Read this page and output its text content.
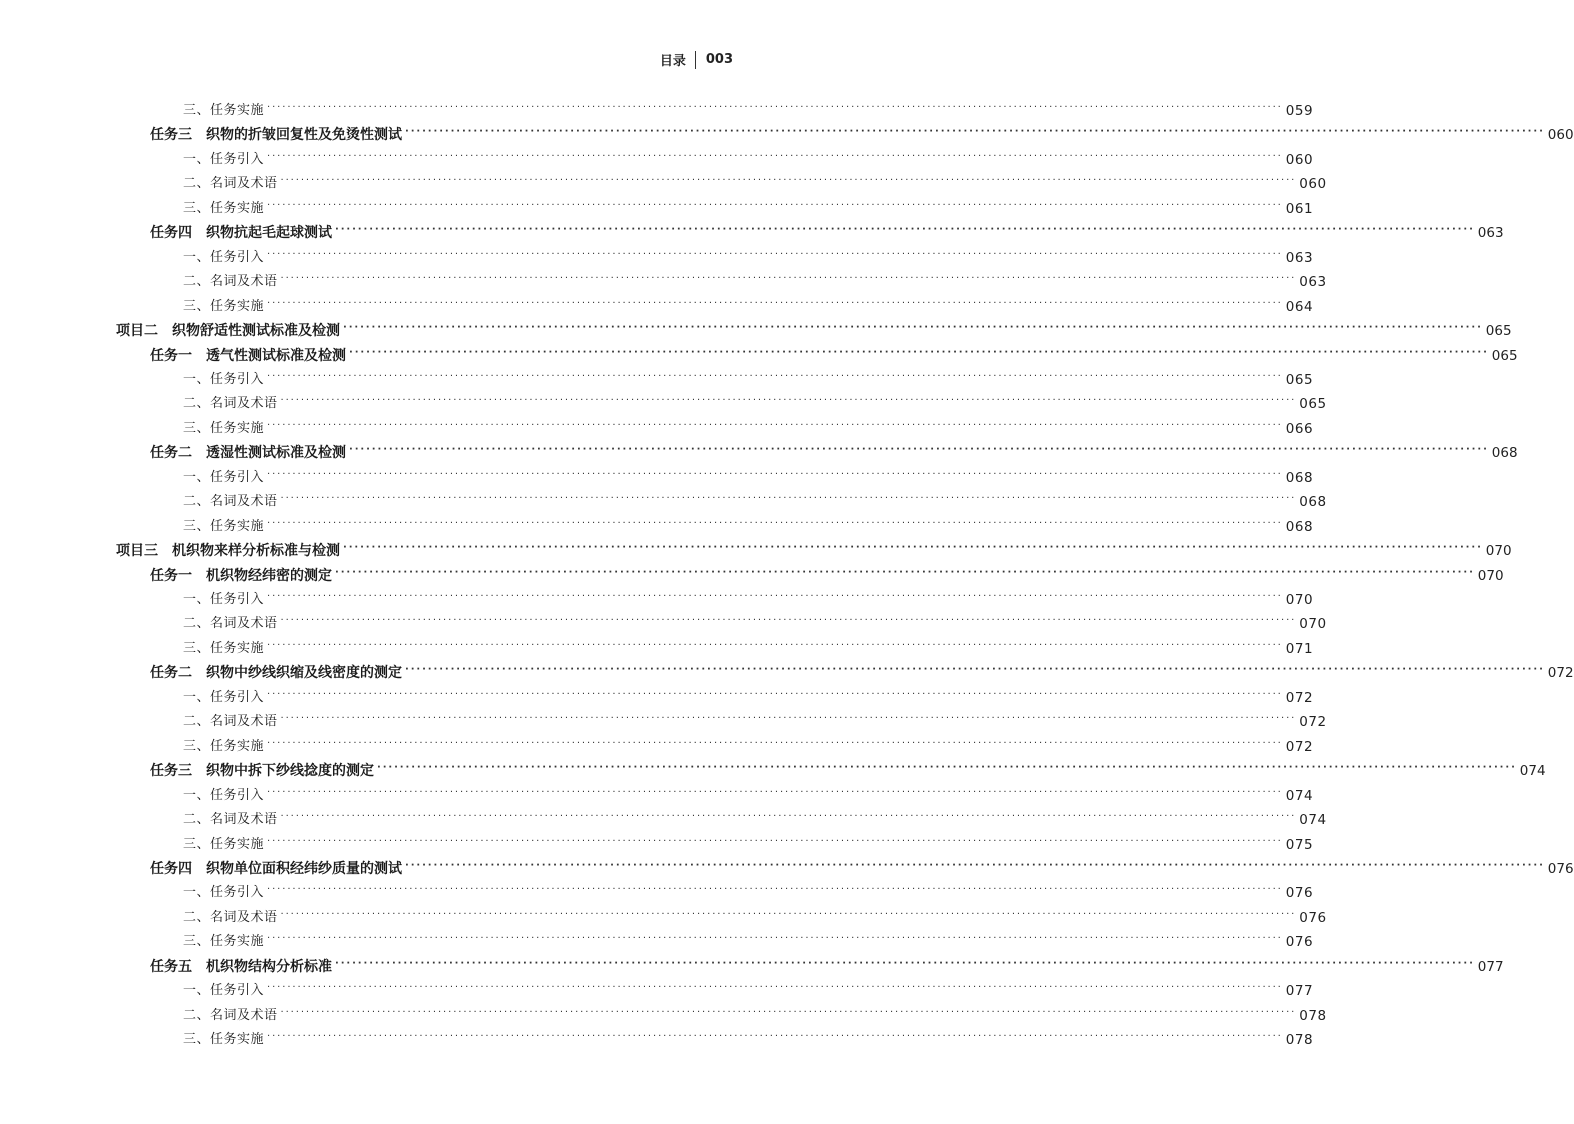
目录 003
三、任务实施 ········································································································································································································ 059
任务三　织物的折皱回复性及免烫性测试 ········································································································································································································ 060
一、任务引入 ········································································································································································································ 060
二、名词及术语 ········································································································································································································ 060
三、任务实施 ········································································································································································································ 061
任务四　织物抗起毛起球测试 ········································································································································································································ 063
一、任务引入 ········································································································································································································ 063
二、名词及术语 ········································································································································································································ 063
三、任务实施 ········································································································································································································ 064
项目二　织物舒适性测试标准及检测 ········································································································································································································ 065
任务一　透气性测试标准及检测 ········································································································································································································ 065
一、任务引入 ········································································································································································································ 065
二、名词及术语 ········································································································································································································ 065
三、任务实施 ········································································································································································································ 066
任务二　透湿性测试标准及检测 ········································································································································································································ 068
一、任务引入 ········································································································································································································ 068
二、名词及术语 ········································································································································································································ 068
三、任务实施 ········································································································································································································ 068
项目三　机织物来样分析标准与检测 ········································································································································································································ 070
任务一　机织物经纬密的测定 ········································································································································································································ 070
一、任务引入 ········································································································································································································ 070
二、名词及术语 ········································································································································································································ 070
三、任务实施 ········································································································································································································ 071
任务二　织物中纱线织缩及线密度的测定 ········································································································································································································ 072
一、任务引入 ········································································································································································································ 072
二、名词及术语 ········································································································································································································ 072
三、任务实施 ········································································································································································································ 072
任务三　织物中拆下纱线捻度的测定 ········································································································································································································ 074
一、任务引入 ········································································································································································································ 074
二、名词及术语 ········································································································································································································ 074
三、任务实施 ········································································································································································································ 075
任务四　织物单位面积经纬纱质量的测试 ········································································································································································································ 076
一、任务引入 ········································································································································································································ 076
二、名词及术语 ········································································································································································································ 076
三、任务实施 ········································································································································································································ 076
任务五　机织物结构分析标准 ········································································································································································································ 077
一、任务引入 ········································································································································································································ 077
二、名词及术语 ········································································································································································································ 078
三、任务实施 ········································································································································································································ 078
